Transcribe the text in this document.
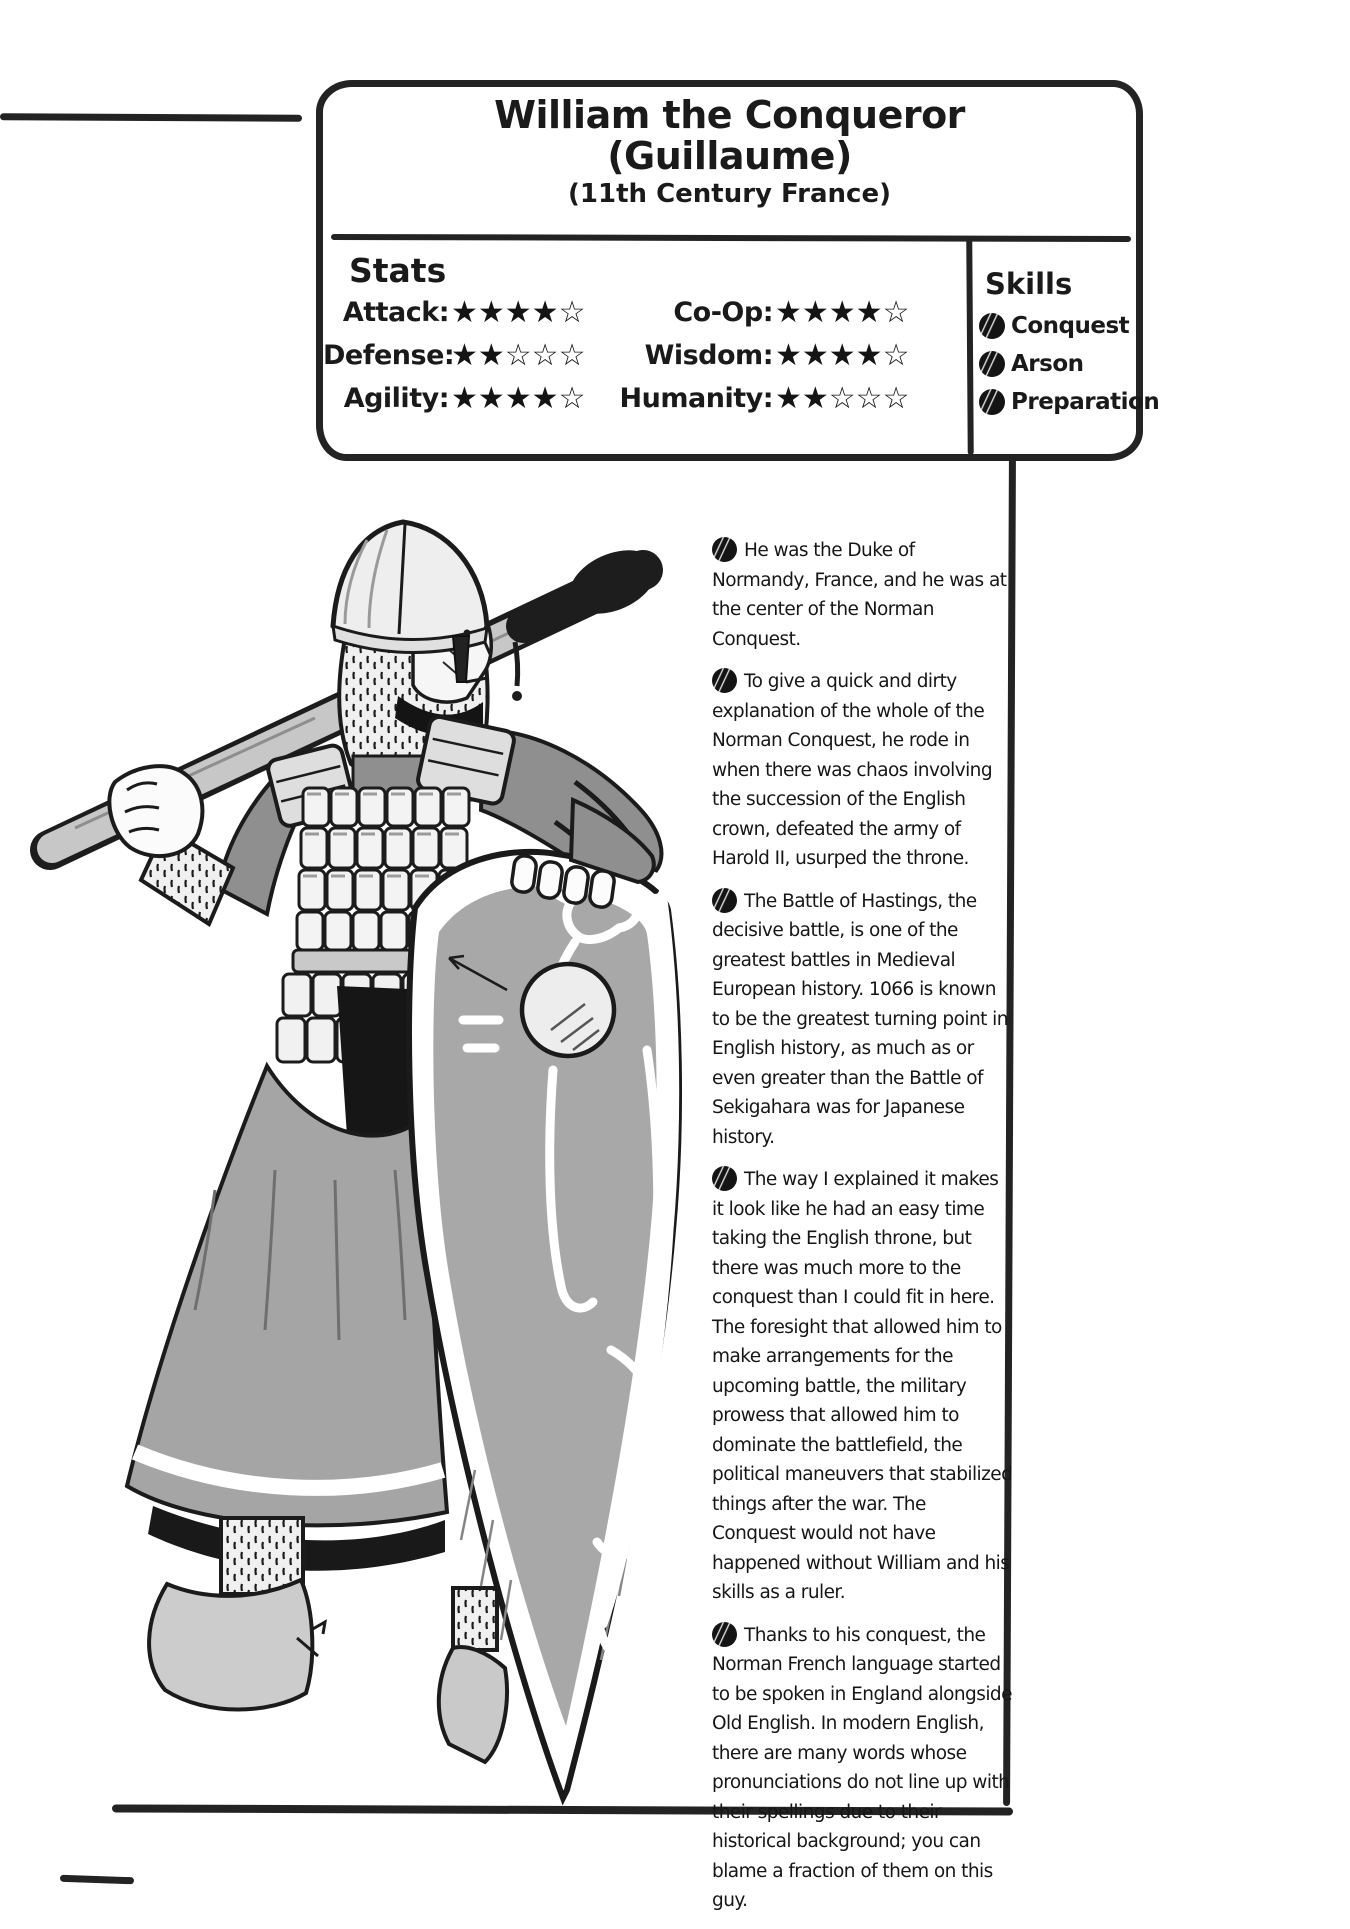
William the Conqueror
(Guillaume)
(11th Century France)
Stats
Attack: ★★★★☆
Defense:
★★☆☆☆
Agility: ★★★★☆
Co-Op: ★★★★☆
Wisdom: ★★★★☆
Humanity: ★★☆☆☆
Skills
Conquest
Arson
Preparation

He was the Duke of Normandy, France, and he was at the center of the Norman Conquest.

To give a quick and dirty explanation of the whole of the Norman Conquest, he rode in when there was chaos involving the succession of the English crown, defeated the army of Harold II, usurped the throne.

The Battle of Hastings, the decisive battle, is one of the greatest battles in Medieval European history. 1066 is known to be the greatest turning point in English history, as much as or even greater than the Battle of Sekigahara was for Japanese history.

The way I explained it makes it look like he had an easy time taking the English throne, but there was much more to the conquest than I could fit in here. The foresight that allowed him to make arrangements for the upcoming battle, the military prowess that allowed him to dominate the battlefield, the political maneuvers that stabilized things after the war. The Conquest would not have happened without William and his skills as a ruler.

Thanks to his conquest, the Norman French language started to be spoken in England alongside Old English. In modern English, there are many words whose pronunciations do not line up with their spellings due to their historical background; you can blame a fraction of them on this guy.
